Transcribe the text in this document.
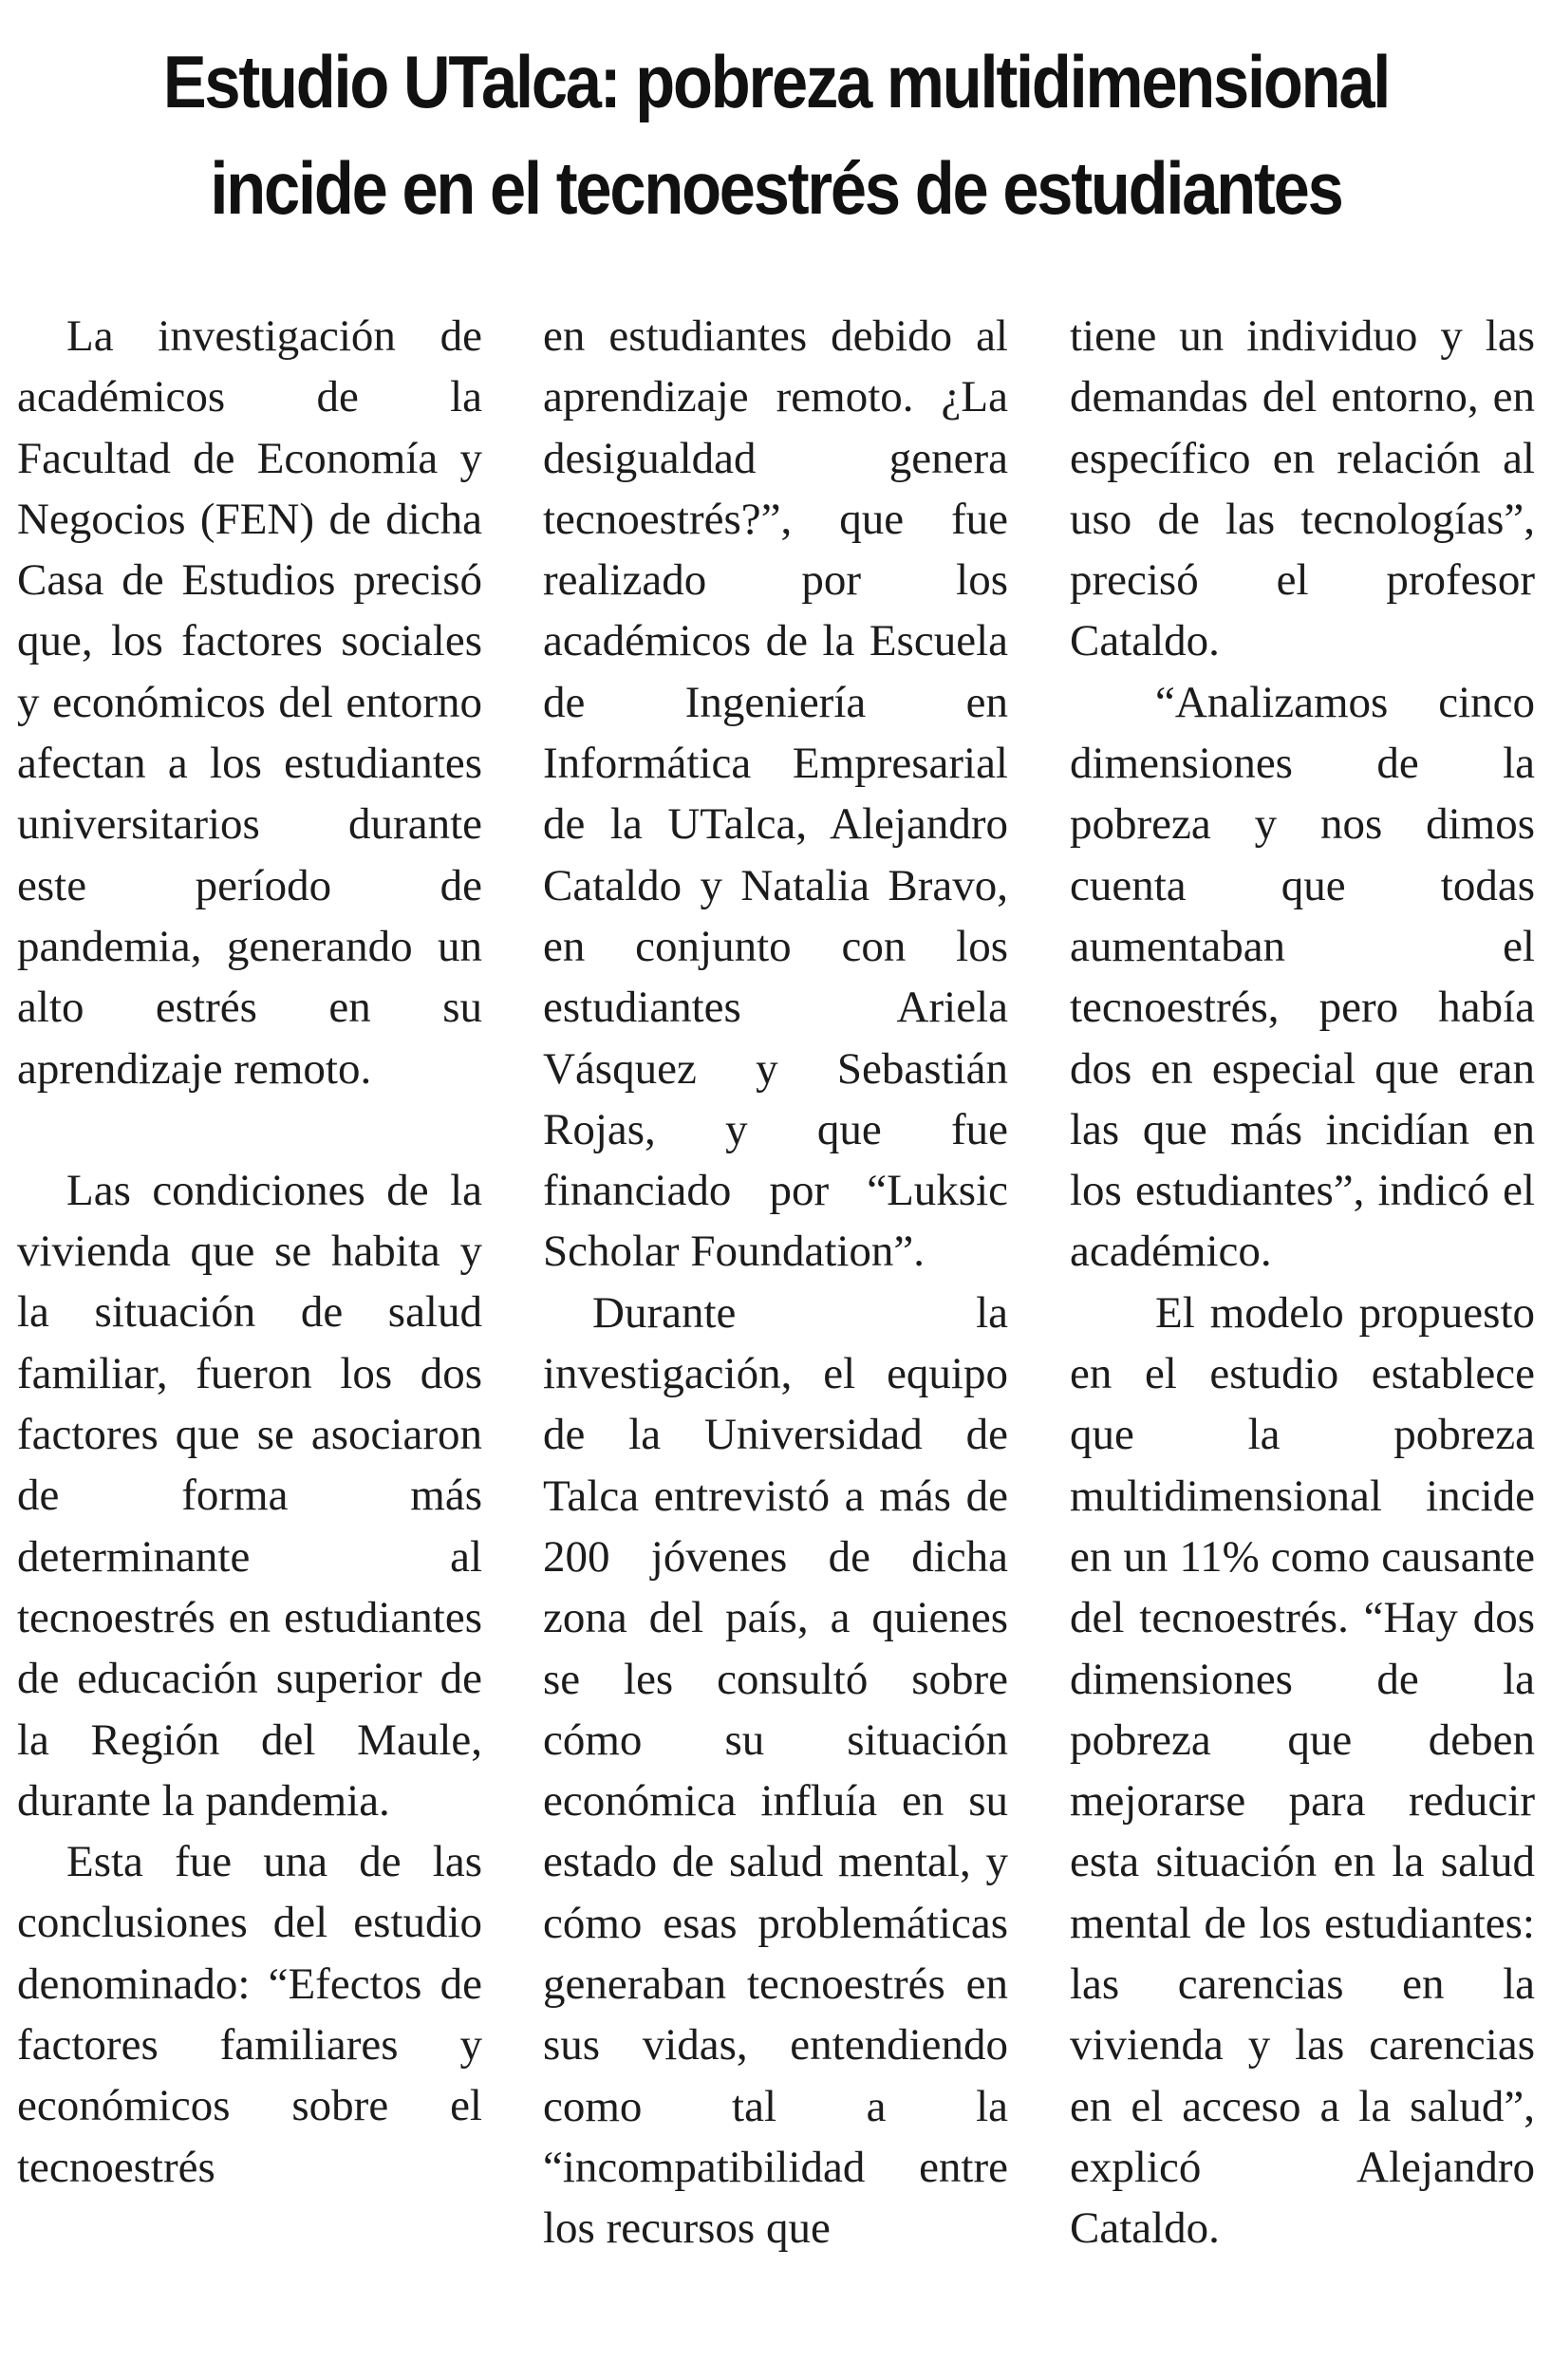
Estudio UTalca: pobreza multidimensional
incide en el tecnoestrés de estudiantes

La investigación de académicos de la Facultad de Economía y Negocios (FEN) de dicha Casa de Estudios precisó que, los factores sociales y económicos del entorno afectan a los estudiantes universitarios durante este período de pandemia, generando un alto estrés en su aprendizaje remoto.

Las condiciones de la vivienda que se habita y la situación de salud familiar, fueron los dos factores que se asociaron de forma más determinante al tecnoestrés en estudiantes de educación superior de la Región del Maule, durante la pandemia.

Esta fue una de las conclusiones del estudio denominado: “Efectos de factores familiares y económicos sobre el tecnoestrés

en estudiantes debido al aprendizaje remoto. ¿La desigualdad genera tecnoestrés?”, que fue realizado por los académicos de la Escuela de Ingeniería en Informática Empresarial de la UTalca, Alejandro Cataldo y Natalia Bravo, en conjunto con los estudiantes Ariela Vásquez y Sebastián Rojas, y que fue financiado por “Luksic Scholar Foundation”.

Durante la investigación, el equipo de la Universidad de Talca entrevistó a más de 200 jóvenes de dicha zona del país, a quienes se les consultó sobre cómo su situación económica influía en su estado de salud mental, y cómo esas problemáticas generaban tecnoestrés en sus vidas, entendiendo como tal a la “incompatibilidad entre los recursos que

tiene un individuo y las demandas del entorno, en específico en relación al uso de las tecnologías”, precisó el profesor Cataldo.

“Analizamos cinco dimensiones de la pobreza y nos dimos cuenta que todas aumentaban el tecnoestrés, pero había dos en especial que eran las que más incidían en los estudiantes”, indicó el académico.

El modelo propuesto en el estudio establece que la pobreza multidimensional incide en un 11% como causante del tecnoestrés. “Hay dos dimensiones de la pobreza que deben mejorarse para reducir esta situación en la salud mental de los estudiantes: las carencias en la vivienda y las carencias en el acceso a la salud”, explicó Alejandro Cataldo.
